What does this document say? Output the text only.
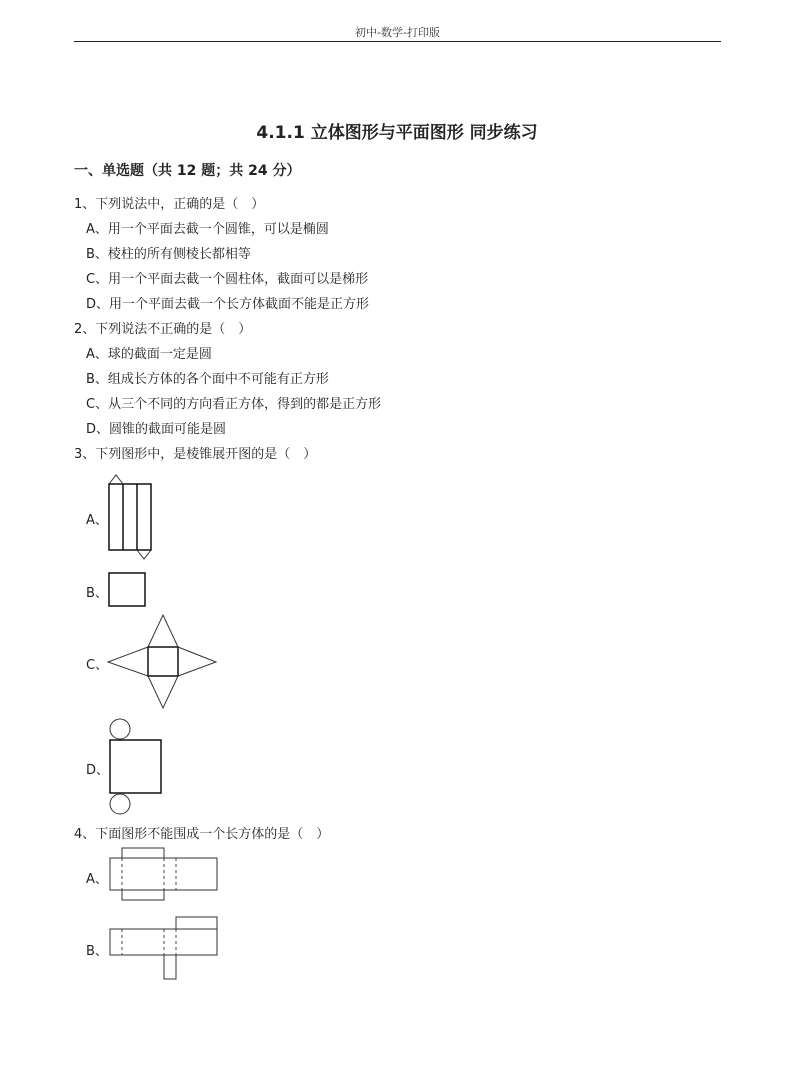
初中-数学-打印版
4.1.1 立体图形与平面图形 同步练习
一、单选题（共 12 题；共 24 分）
1、下列说法中，正确的是（　）
A、用一个平面去截一个圆锥，可以是椭圆
B、棱柱的所有侧棱长都相等
C、用一个平面去截一个圆柱体，截面可以是梯形
D、用一个平面去截一个长方体截面不能是正方形
2、下列说法不正确的是（　）
A、球的截面一定是圆
B、组成长方体的各个面中不可能有正方形
C、从三个不同的方向看正方体，得到的都是正方形
D、圆锥的截面可能是圆
3、下列图形中，是棱锥展开图的是（　）
A、
B、
C、
D、
4、下面图形不能围成一个长方体的是（　）
A、
B、
